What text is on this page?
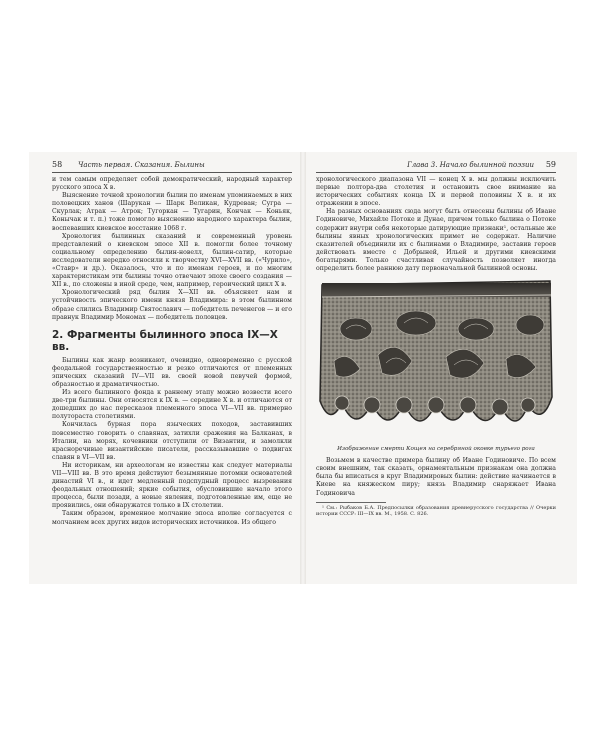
58 Часть первая. Сказания. Былины

и тем самым определяет собой демократический, народный характер русского эпоса X в.

Выяснение точной хронологии былин по именам упоминаемых в них половецких ханов (Шарукан — Шарк Великан, Кудреван; Сугра — Скурлак; Атрак — Атрок; Тугоркан — Тугарин, Кончак — Коньяк, Конычак и т. п.) тоже помогло выяснению народного характера былин, воспевавших киевское восстание 1068 г.

Хронология былинных сказаний и современный уровень представлений о киевском эпосе XII в. помогли более точному социальному определению былин-новелл, былин-сатир, которые исследователи нередко относили к творчеству XVI—XVII вв. («Чурило», «Ставр» и др.). Оказалось, что и по именам героев, и по многим характеристикам эти былины точно отвечают эпохе своего создания — XII в., по сложены в иной среде, чем, например, героический цикл X в.

Хронологический ряд былин X—XII вв. объясняет нам и устойчивость эпического имени князя Владимира: в этом былинном образе слились Владимир Святославич — победитель печенегов — и его правнук Владимир Мономах — победитель половцев.

2. Фрагменты былинного эпоса IX—X вв.

Былины как жанр возникают, очевидно, одновременно с русской феодальной государственностью и резко отличаются от племенных эпических сказаний IV—VII вв. своей новой певучей формой, образностью и драматичностью.

Из всего былинного фонда к раннему этапу можно возвести всего две-три былины. Они относятся к IX в. — середине X в. и отличаются от дошедших до нас пересказов племенного эпоса VI—VII вв. примерно полутораста столетиями.

Кончилась бурная пора языческих походов, заставивших повсеместно говорить о славянах, затихли сражения на Балканах, в Италии, на морях, кочевники отступили от Византии, и замолкли краснoречивые византийские писатели, рассказывавшие о подвигах славян в VI—VII вв.

Ни историкам, ни археологам не известны как следует материалы VII—VIII вв. В это время действуют безымянные потомки основателей династий VI в., и идет медленный подспудный процесс вызревания феодальных отношений; яркие события, обусловившие начало этого процесса, были позади, а новые явления, подготовленные им, еще не проявились, они обнаружатся только в IX столетии.

Таким образом, временное молчание эпоса вполне согласуется с молчанием всех других видов исторических источников. Из общего

Глава 3. Начало былинной поэзии 59

хронологического диапазона VII — конец X в. мы должны исключить первые полтора-два столетия и остановить свое внимание на исторических событиях конца IX и первой половины X в. и их отражении в эпосе.

На разных основаниях сюда могут быть отнесены былины об Иване Годиновиче, Михайле Потоке и Дунае, причем только былина о Потоке содержит внутри себя некоторые датирующие признаки¹, остальные же былины явных хронологических примет не содержат. Наличие сказителей объединили их с былинами о Владимире, заставив героев действовать вместе с Добрыней, Ильей и другими киевскими богатырями. Только счастливая случайность позволяет иногда определить более раннюю дату первоначальной былинной основы.

Изображение смерти Кощея на серебряной оковке турьего рога

Возьмем в качестве примера былину об Иване Годиновиче. По всем своим внешним, так сказать, орнаментальным признакам она должна была бы вписаться в круг Владимировых былин: действие начинается в Киеве на княжеском пиру; князь Владимир снаряжает Ивана Годиновича

¹ См.: Рыбаков Б.А. Предпосылки образования древнерусского государства // Очерки истории СССР: III—IX вв. М., 1958. С. 826.
